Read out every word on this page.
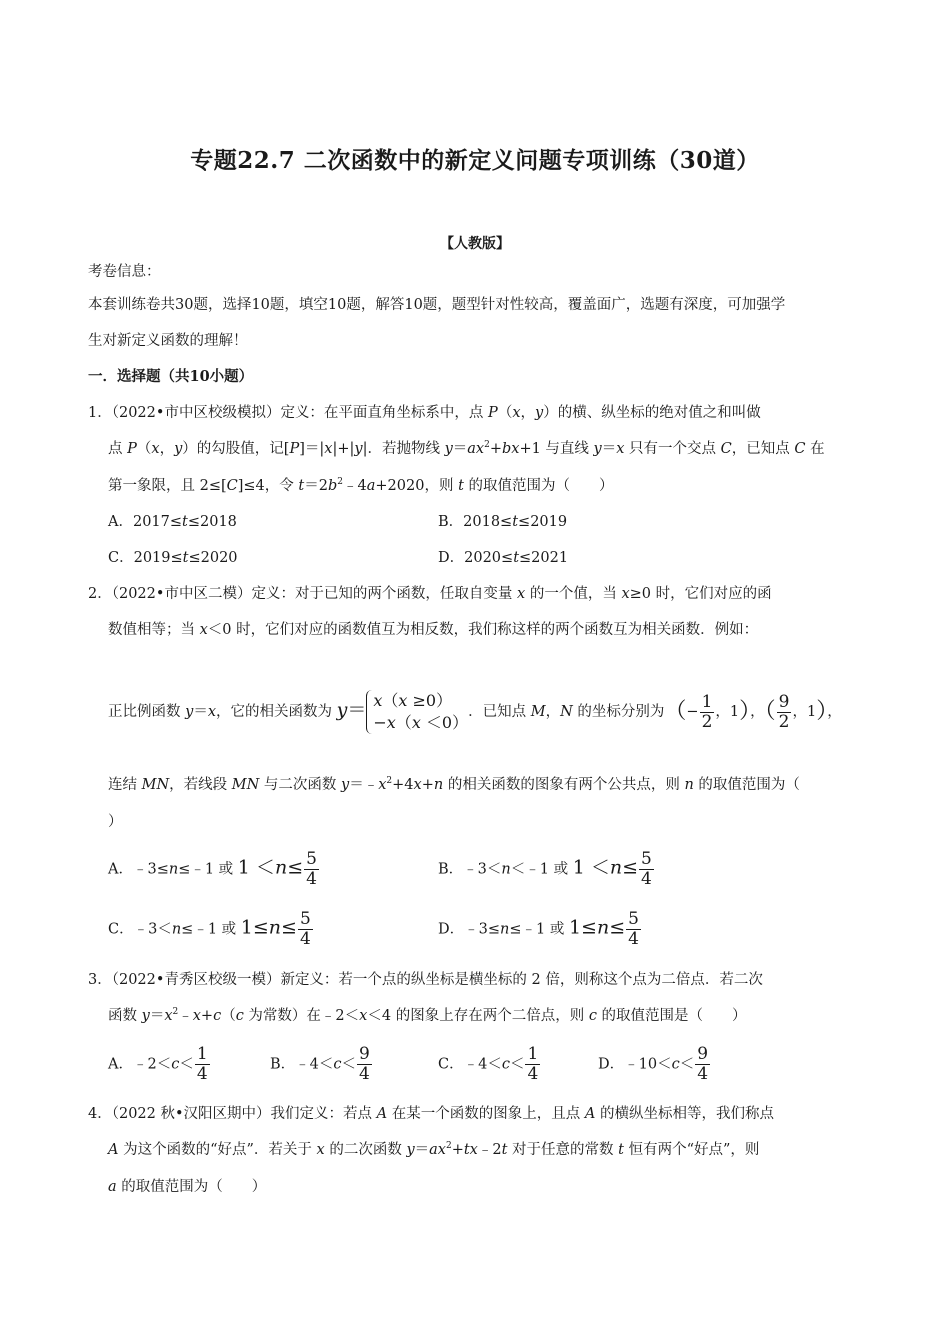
专题22.7 二次函数中的新定义问题专项训练（30道）
【人教版】
考卷信息：
本套训练卷共30题，选择10题，填空10题，解答10题，题型针对性较高，覆盖面广，选题有深度，可加强学
生对新定义函数的理解！
一．选择题（共10小题）
1．（2022•市中区校级模拟）定义：在平面直角坐标系中，点 P（x，y）的横、纵坐标的绝对值之和叫做
点 P（x，y）的勾股值，记[P]＝|x|+|y|．若抛物线 $y=ax^2+bx+1$ 与直线 y＝x 只有一个交点 C，已知点 C 在
第一象限，且 2≤[C]≤4，令 $t=2b^2﹣4a+2020$，则 t 的取值范围为（　　）
A．2017≤t≤2018	B．2018≤t≤2019
C．2019≤t≤2020	D．2020≤t≤2021
2．（2022•市中区二模）定义：对于已知的两个函数，任取自变量 x 的一个值，当 x≥0 时，它们对应的函
数值相等；当 x＜0 时，它们对应的函数值互为相反数，我们称这样的两个函数互为相关函数．例如：
正比例函数 y＝x，它的相关函数为 y＝ x（x ≥0）
−x（x ＜0）．已知点 M，N 的坐标分别为（− $\frac{1}{2}$ ，1），（ $\frac{9}{2}$ ，1），
连结 MN，若线段 MN 与二次函数 $y=﹣x^2+4x+n$ 的相关函数的图象有两个公共点，则 n 的取值范围为（
）
A．﹣3≤n≤﹣1 或 $1 <n\le \frac{5}{4}$	B．﹣3＜n＜﹣1 或 $1 <n\le \frac{5}{4}$
C．﹣3＜n≤﹣1 或 $1\le n\le \frac{5}{4}$	D．﹣3≤n≤﹣1 或 $1\le n\le \frac{5}{4}$
3．（2022•青秀区校级一模）新定义：若一个点的纵坐标是横坐标的 2 倍，则称这个点为二倍点．若二次
函数 $y=x^2﹣x+c(c$ 为常数）在﹣2＜x＜4 的图象上存在两个二倍点，则 c 的取值范围是（　　）
A．﹣2＜c＜ $\frac{1}{4}$	B．﹣4＜c＜ $\frac{9}{4}$	C．﹣4＜c＜ $\frac{1}{4}$	D．﹣10＜c＜ $\frac{9}{4}$
4．（2022 秋•汉阳区期中）我们定义：若点 A 在某一个函数的图象上，且点 A 的横纵坐标相等，我们称点
A 为这个函数的“好点”．若关于 x 的二次函数 $y=ax^2+tx﹣2t$ 对于任意的常数 t 恒有两个“好点”，则
a 的取值范围为（　　）
